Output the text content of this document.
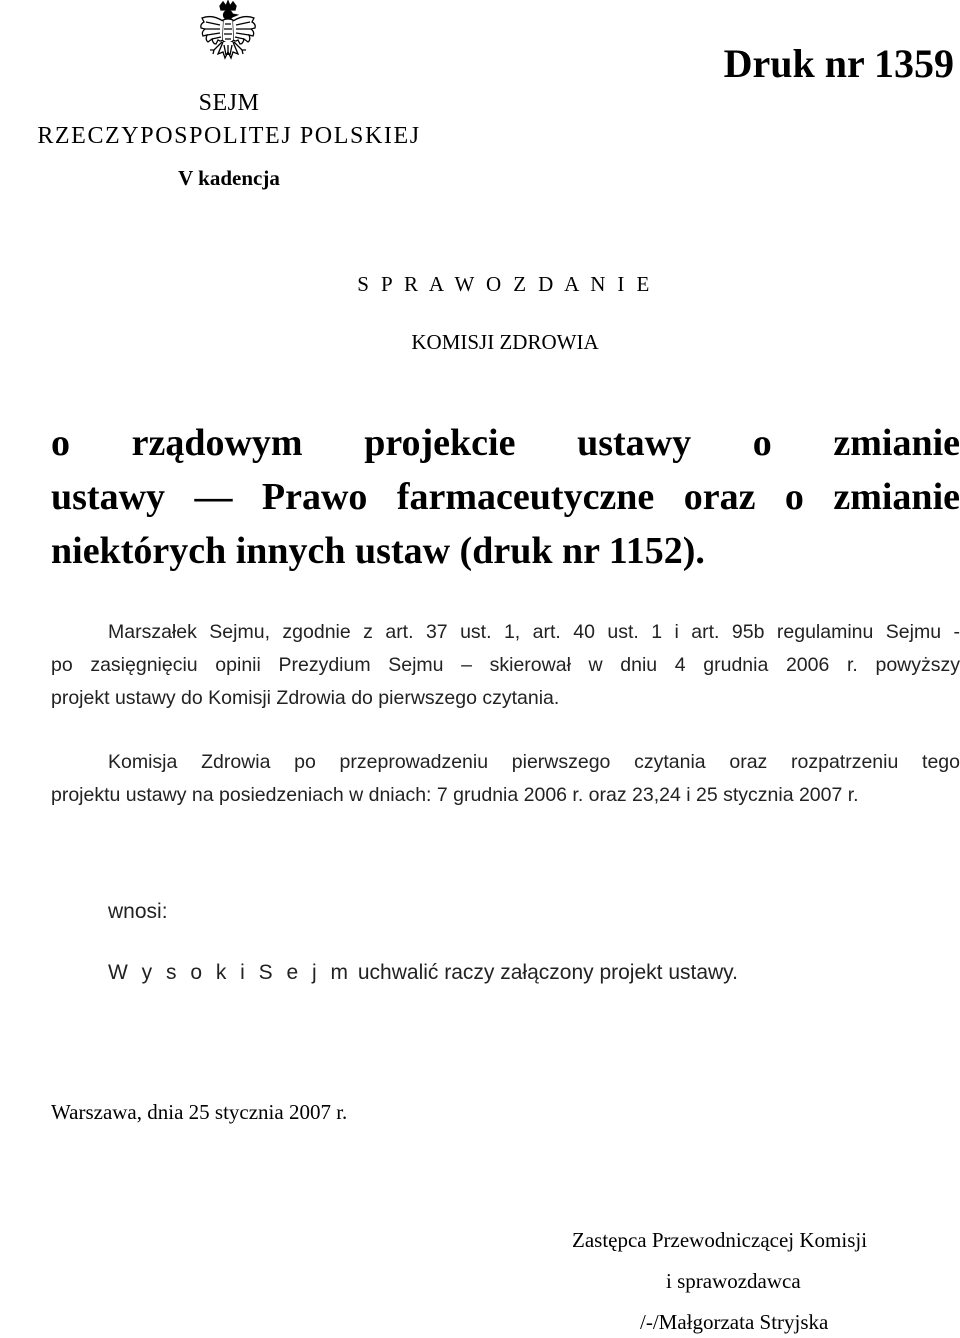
SEJM
RZECZYPOSPOLITEJ POLSKIEJ
V kadencja
Druk nr 1359
S P R A W O Z D A N I E
KOMISJI ZDROWIA
o rządowym projekcie ustawy o zmianie
ustawy — Prawo farmaceutyczne oraz o zmianie
niektórych innych ustaw (druk nr 1152).
Marszałek Sejmu, zgodnie z art. 37 ust. 1, art. 40 ust. 1 i art. 95b regulaminu Sejmu -
po zasięgnięciu opinii Prezydium Sejmu – skierował w dniu 4 grudnia 2006 r. powyższy
projekt ustawy do Komisji Zdrowia do pierwszego czytania.
Komisja Zdrowia po przeprowadzeniu pierwszego czytania oraz rozpatrzeniu tego
projektu ustawy na posiedzeniach w dniach: 7 grudnia 2006 r. oraz 23,24 i 25 stycznia 2007 r.
wnosi:
W y s o k i S e j m uchwalić raczy załączony projekt ustawy.
Warszawa, dnia 25 stycznia 2007 r.
Zastępca Przewodniczącej Komisji
i sprawozdawca
/-/Małgorzata Stryjska
